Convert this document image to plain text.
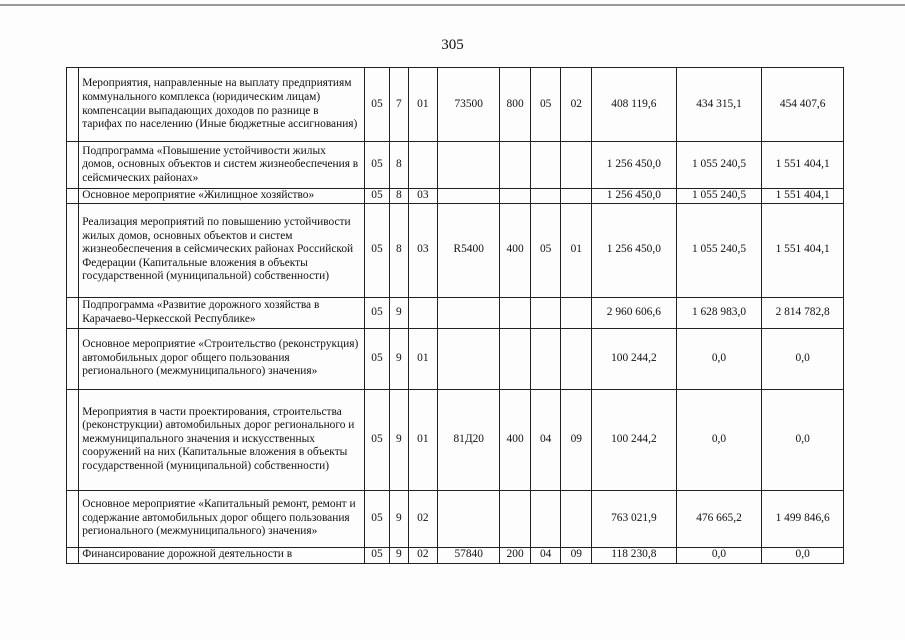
305
	Мероприятия, направленные на выплату предприятиям коммунального комплекса (юридическим лицам) компенсации выпадающих доходов по разнице в тарифах по населению (Иные бюджетные ассигнования)	05	7	01	73500	800	05	02	408 119,6	434 315,1	454 407,6
	Подпрограмма «Повышение устойчивости жилых домов, основных объектов и систем жизнеобеспечения в сейсмических районах»	05	8						1 256 450,0	1 055 240,5	1 551 404,1
	Основное мероприятие «Жилищное хозяйство»	05	8	03					1 256 450,0	1 055 240,5	1 551 404,1
	Реализация мероприятий по повышению устойчивости жилых домов, основных объектов и систем жизнеобеспечения в сейсмических районах Российской Федерации (Капитальные вложения в объекты государственной (муниципальной) собственности)	05	8	03	R5400	400	05	01	1 256 450,0	1 055 240,5	1 551 404,1
	Подпрограмма «Развитие дорожного хозяйства в Карачаево-Черкесской Республике»	05	9						2 960 606,6	1 628 983,0	2 814 782,8
	Основное мероприятие «Строительство (реконструкция) автомобильных дорог общего пользования регионального (межмуниципального) значения»	05	9	01					100 244,2	0,0	0,0
	Мероприятия в части проектирования, строительства (реконструкции) автомобильных дорог регионального и межмуниципального значения и искусственных сооружений на них (Капитальные вложения в объекты государственной (муниципальной) собственности)	05	9	01	81Д20	400	04	09	100 244,2	0,0	0,0
	Основное мероприятие «Капитальный ремонт, ремонт и содержание автомобильных дорог общего пользования регионального (межмуниципального) значения»	05	9	02					763 021,9	476 665,2	1 499 846,6
	Финансирование дорожной деятельности в	05	9	02	57840	200	04	09	118 230,8	0,0	0,0
